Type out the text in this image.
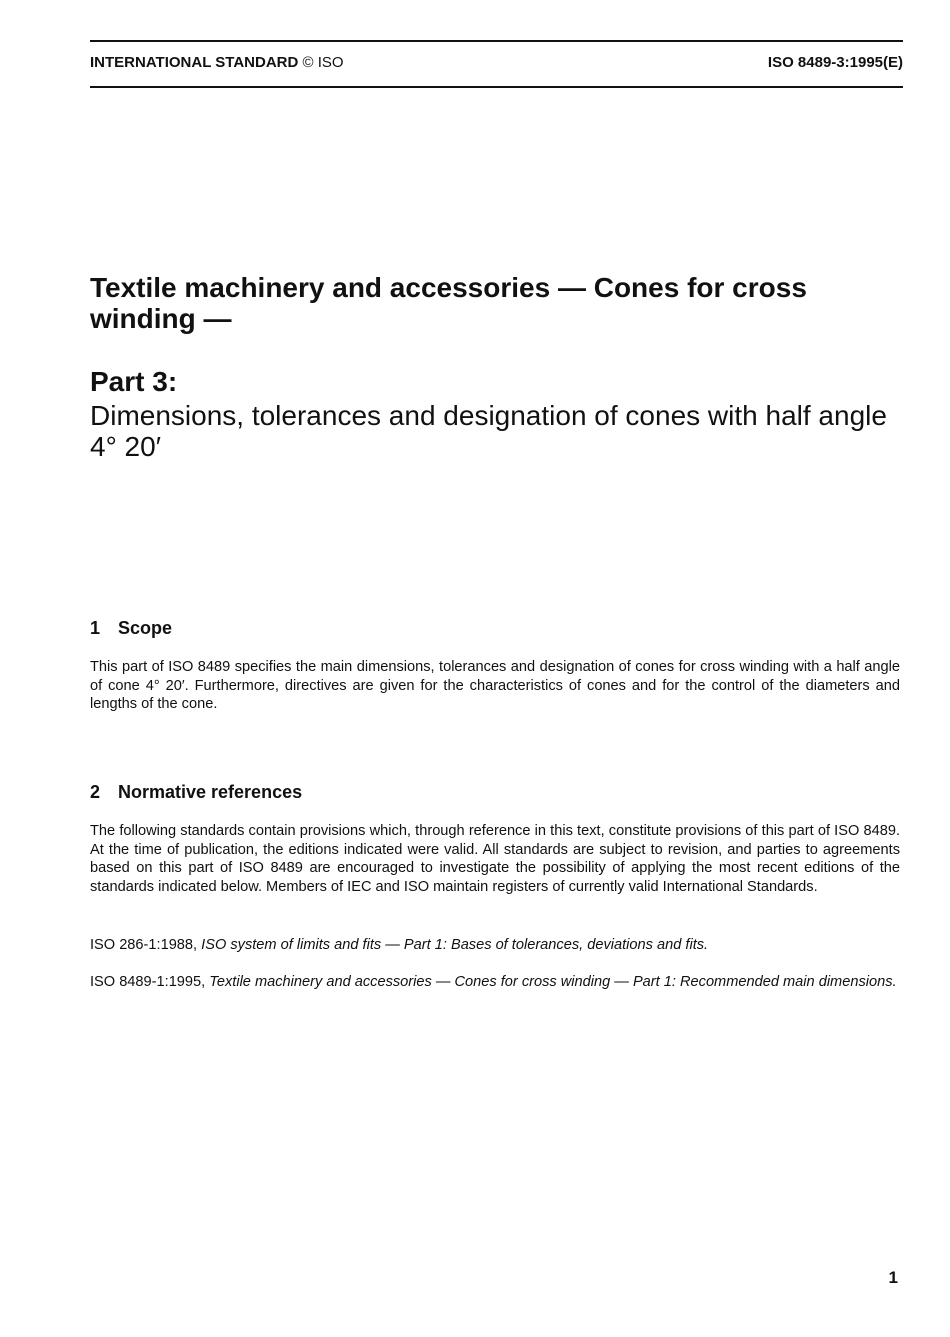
INTERNATIONAL STANDARD © ISO	ISO 8489-3:1995(E)
Textile machinery and accessories — Cones for cross winding —
Part 3:

Dimensions, tolerances and designation of cones with half angle 4° 20′

1 Scope

This part of ISO 8489 specifies the main dimensions, tolerances and designation of cones for cross winding with a half angle of cone 4° 20′. Furthermore, directives are given for the characteristics of cones and for the control of the diameters and lengths of the cone.

2 Normative references

The following standards contain provisions which, through reference in this text, constitute provisions of this part of ISO 8489. At the time of publication, the editions indicated were valid. All standards are subject to revision, and parties to agreements based on this part of ISO 8489 are encouraged to investigate the possibility of applying the most recent editions of the standards indicated below. Members of IEC and ISO maintain registers of currently valid International Standards.

ISO 286-1:1988, ISO system of limits and fits — Part 1: Bases of tolerances, deviations and fits.

ISO 8489-1:1995, Textile machinery and accessories — Cones for cross winding — Part 1: Recommended main dimensions.

1
